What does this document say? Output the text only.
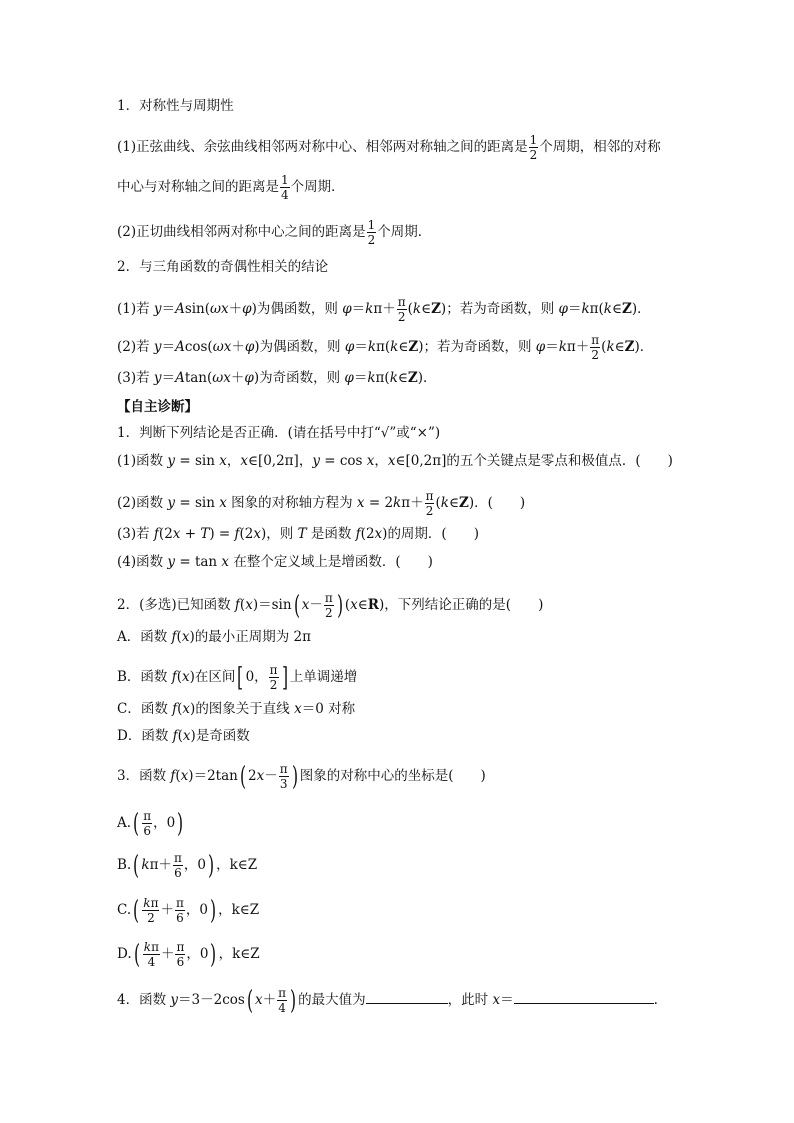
1．对称性与周期性
(1)正弦曲线、余弦曲线相邻两对称中心、相邻两对称轴之间的距离是 $\frac{1}{2}$ 个周期，相邻的对称
中心与对称轴之间的距离是 $\frac{1}{4}$ 个周期．
(2)正切曲线相邻两对称中心之间的距离是 $\frac{1}{2}$ 个周期．
2．与三角函数的奇偶性相关的结论
(1)若 y＝Asin(ωx＋φ)为偶函数，则 $\varphi=k\pi+ \frac{\pi}{2}$ (k∈Z)；若为奇函数，则 φ＝kπ(k∈Z)．
(2)若 y＝Acos(ωx＋φ)为偶函数，则 φ＝kπ(k∈Z)；若为奇函数，则 $\varphi=k\pi+ \frac{\pi}{2}$ (k∈Z)．
(3)若 y＝Atan(ωx＋φ)为奇函数，则 φ＝kπ(k∈Z)．
【自主诊断】
1．判断下列结论是否正确．(请在括号中打“√”或“×”)
(1)函数 y = sin x，x∈[0,2π]，y = cos x，x∈[0,2π]的五个关键点是零点和极值点．(　　)
(2)函数 y = sin x 图象的对称轴方程为 $x = 2k\pi+ \frac{\pi}{2}$ (k∈Z)．(　　)
(3)若 f(2x + T) = f(2x)，则 T 是函数 f(2x)的周期．(　　)
(4)函数 y = tan x 在整个定义域上是增函数．(　　)
2．(多选)已知函数 f(x)＝sin( $x- \frac{\pi}{2}$ ) (x∈R)，下列结论正确的是(　　)
A．函数 f(x)的最小正周期为 2π
B．函数 f(x)在区间[ 0， $\frac{\pi}{2}$ ] 上单调递增
C．函数 f(x)的图象关于直线 x＝0 对称
D．函数 f(x)是奇函数
3．函数 f(x)＝2tan( $2x- \frac{\pi}{3}$ ) 图象的对称中心的坐标是(　　)
$A.( \frac{\pi}{6}$ ，0)
B.( $k\pi+ \frac{\pi}{6}$ ，0) ，k∈Z
$C.( \frac{k\pi}{2} + \frac{\pi}{6}$ ，0) ，k∈Z
$D.( \frac{k\pi}{4} + \frac{\pi}{6}$ ，0) ，k∈Z
4．函数 y＝3－2cos( $x+ \frac{\pi}{4}$ ) 的最大值为	，此时 x＝	.
